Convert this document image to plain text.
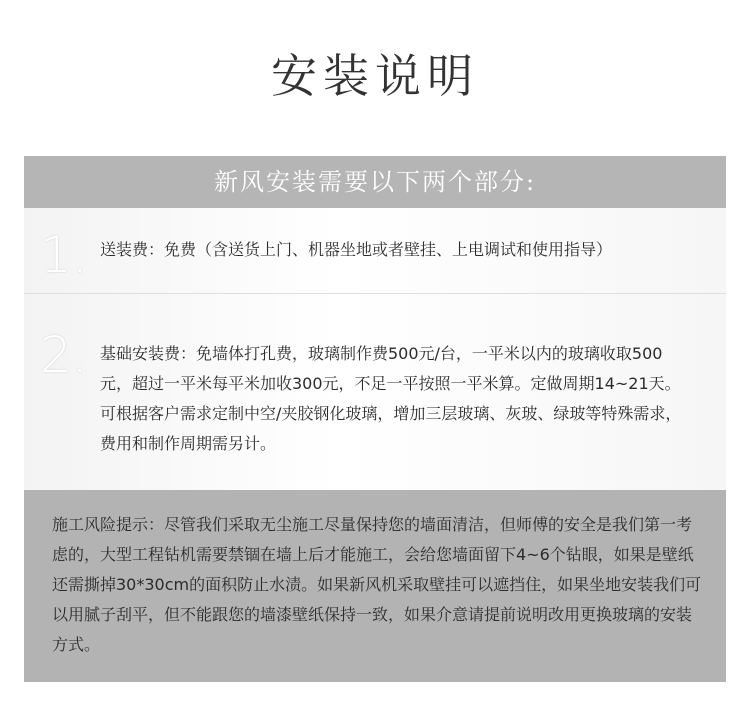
安装说明
新风安装需要以下两个部分:
1. 送装费：免费（含送货上门、机器坐地或者壁挂、上电调试和使用指导）
2. 基础安装费：免墙体打孔费，玻璃制作费500元/台，一平米以内的玻璃收取500元，超过一平米每平米加收300元，不足一平按照一平米算。定做周期14~21天。可根据客户需求定制中空/夹胶钢化玻璃，增加三层玻璃、灰玻、绿玻等特殊需求，费用和制作周期需另计。
施工风险提示：尽管我们采取无尘施工尽量保持您的墙面清洁，但师傅的安全是我们第一考虑的，大型工程钻机需要禁锢在墙上后才能施工，会给您墙面留下4~6个钻眼，如果是壁纸还需撕掉30*30cm的面积防止水渍。如果新风机采取壁挂可以遮挡住，如果坐地安装我们可以用腻子刮平，但不能跟您的墙漆壁纸保持一致，如果介意请提前说明改用更换玻璃的安装方式。
